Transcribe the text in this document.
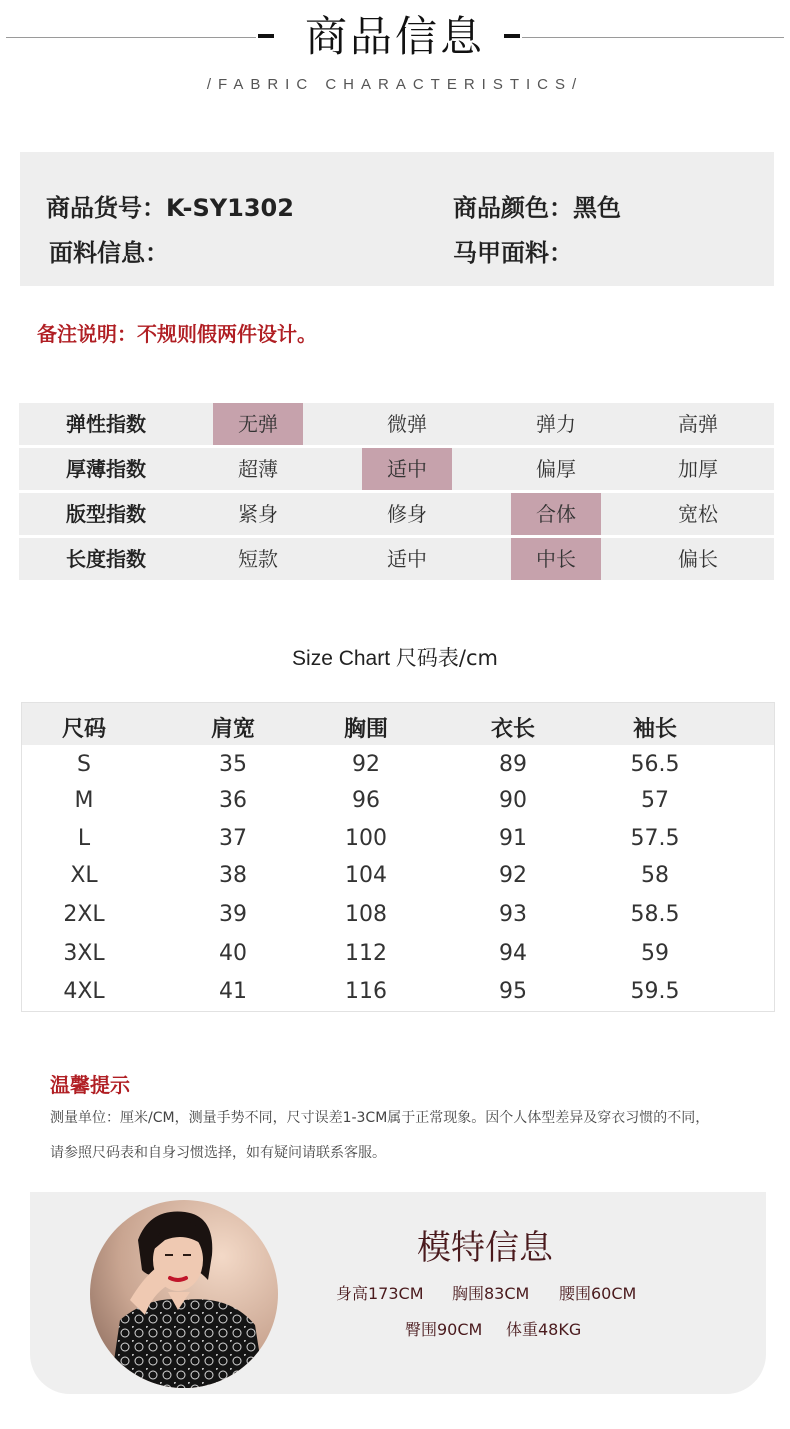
商品信息
/FABRIC CHARACTERISTICS/
商品货号：K-SY1302	商品颜色：黑色
面料信息：	马甲面料：
备注说明：不规则假两件设计。
弹性指数	无弹	微弹	弹力	高弹
厚薄指数	超薄	适中	偏厚	加厚
版型指数	紧身	修身	合体	宽松
长度指数	短款	适中	中长	偏长
Size Chart 尺码表/cm
尺码	肩宽	胸围	衣长	袖长
S	35	92	89	56.5
M	36	96	90	57
L	37	100	91	57.5
XL	38	104	92	58
2XL	39	108	93	58.5
3XL	40	112	94	59
4XL	41	116	95	59.5
温馨提示
测量单位：厘米/CM，测量手势不同，尺寸误差1-3CM属于正常现象。因个人体型差异及穿衣习惯的不同，
请参照尺码表和自身习惯选择，如有疑问请联系客服。
模特信息
身高173CM 胸围83CM 腰围60CM
臀围90CM 体重48KG
